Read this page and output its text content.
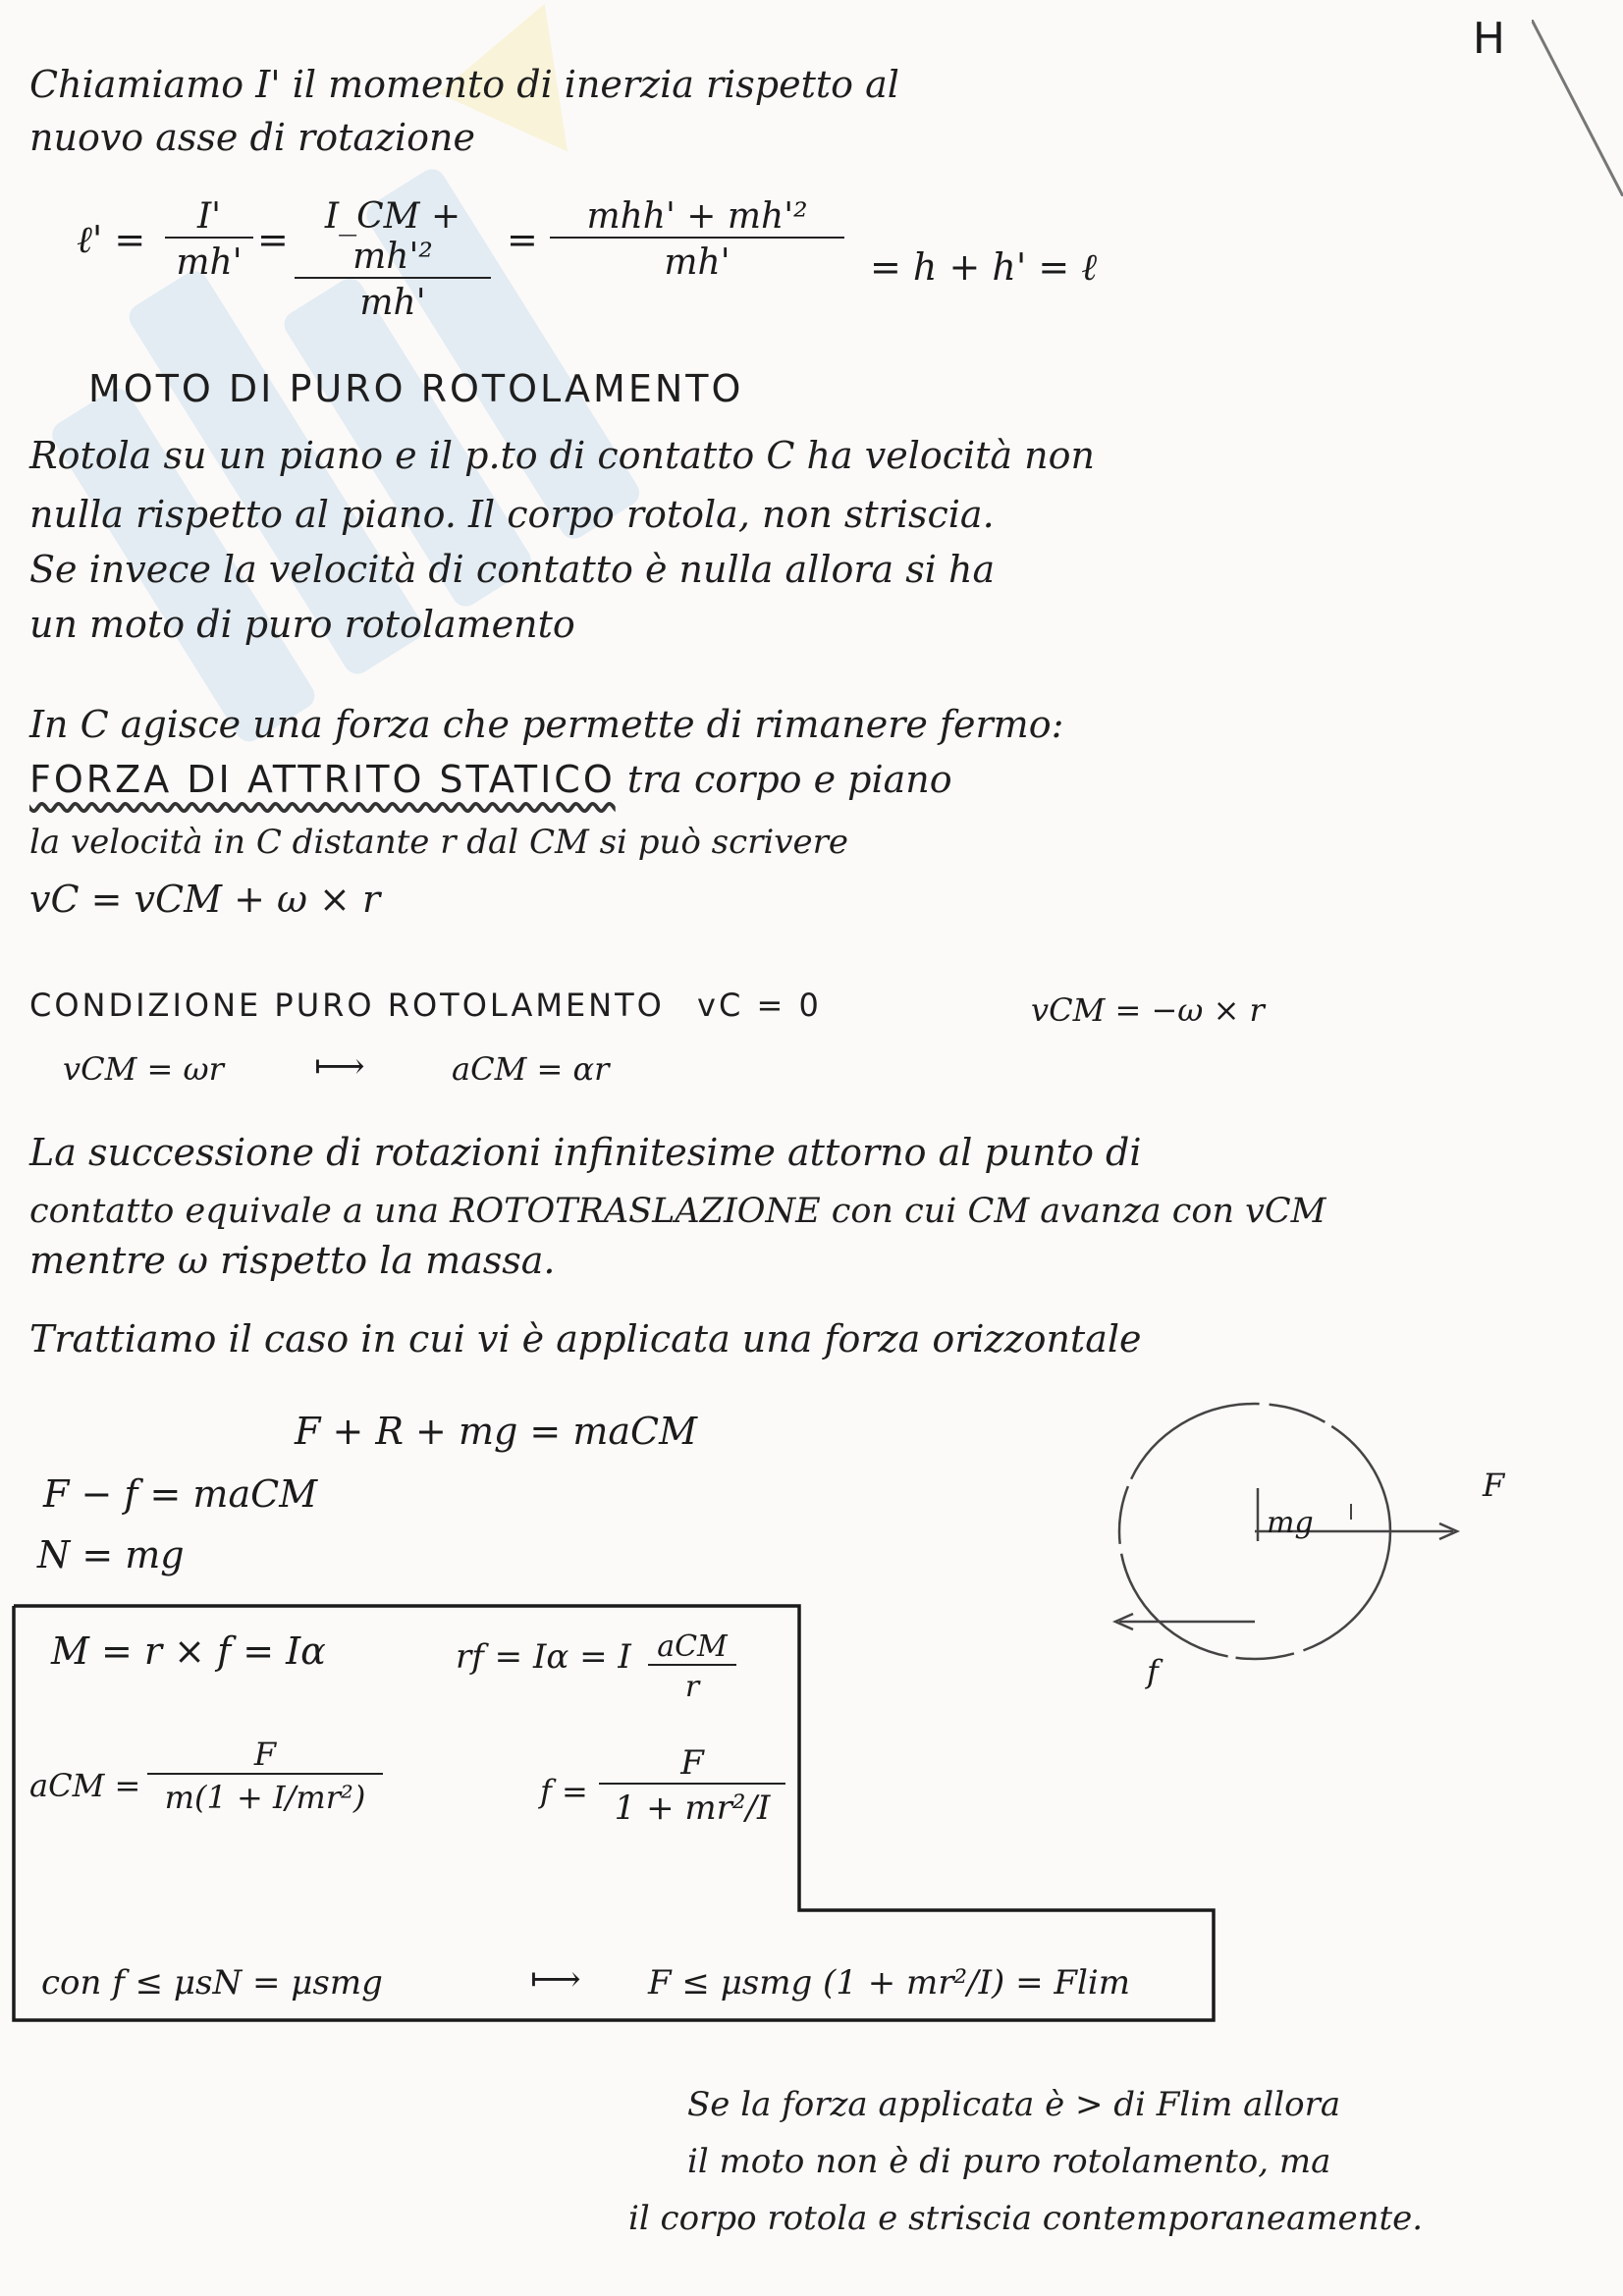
H
Chiamiamo I' il momento di inerzia rispetto al
nuovo asse di rotazione
ℓ' = $\frac{I'}{mh'} = \frac{\text{I\_CM + mh'²}}{mh'}$ =
mhh' + mh'²
mh'	= h + h' = ℓ
MOTO DI PURO ROTOLAMENTO
Rotola su un piano e il p.to di contatto C ha velocità non
nulla rispetto al piano. Il corpo rotola, non striscia.
Se invece la velocità di contatto è nulla allora si ha
un moto di puro rotolamento
In C agisce una forza che permette di rimanere fermo:
FORZA DI ATTRITO STATICO tra corpo e piano
la velocità in C distante r dal CM si può scrivere
vC = vCM + ω × r
CONDIZIONE PURO ROTOLAMENTO vC = 0	vCM = −ω × r
vCM = ωr	⟼	aCM = αr
La successione di rotazioni infinitesime attorno al punto di
contatto equivale a una ROTOTRASLAZIONE con cui CM avanza con vCM
mentre ω rispetto la massa.
Trattiamo il caso in cui vi è applicata una forza orizzontale
F + R + mg = maCM
F − f = maCM
N = mg
mg
F
f
M = r × f = Iα	rf = Iα = I aCM
r
aCM = $\frac{F}{\text{m(1 + I/mr²)}}$	$f = \frac{F}{\text{1 + mr²/I}}$
con f ≤ μsN = μsmg	⟼ F ≤ μsmg (1 + mr²/I) = Flim
Se la forza applicata è > di Flim allora
il moto non è di puro rotolamento, ma
il corpo rotola e striscia contemporaneamente.
